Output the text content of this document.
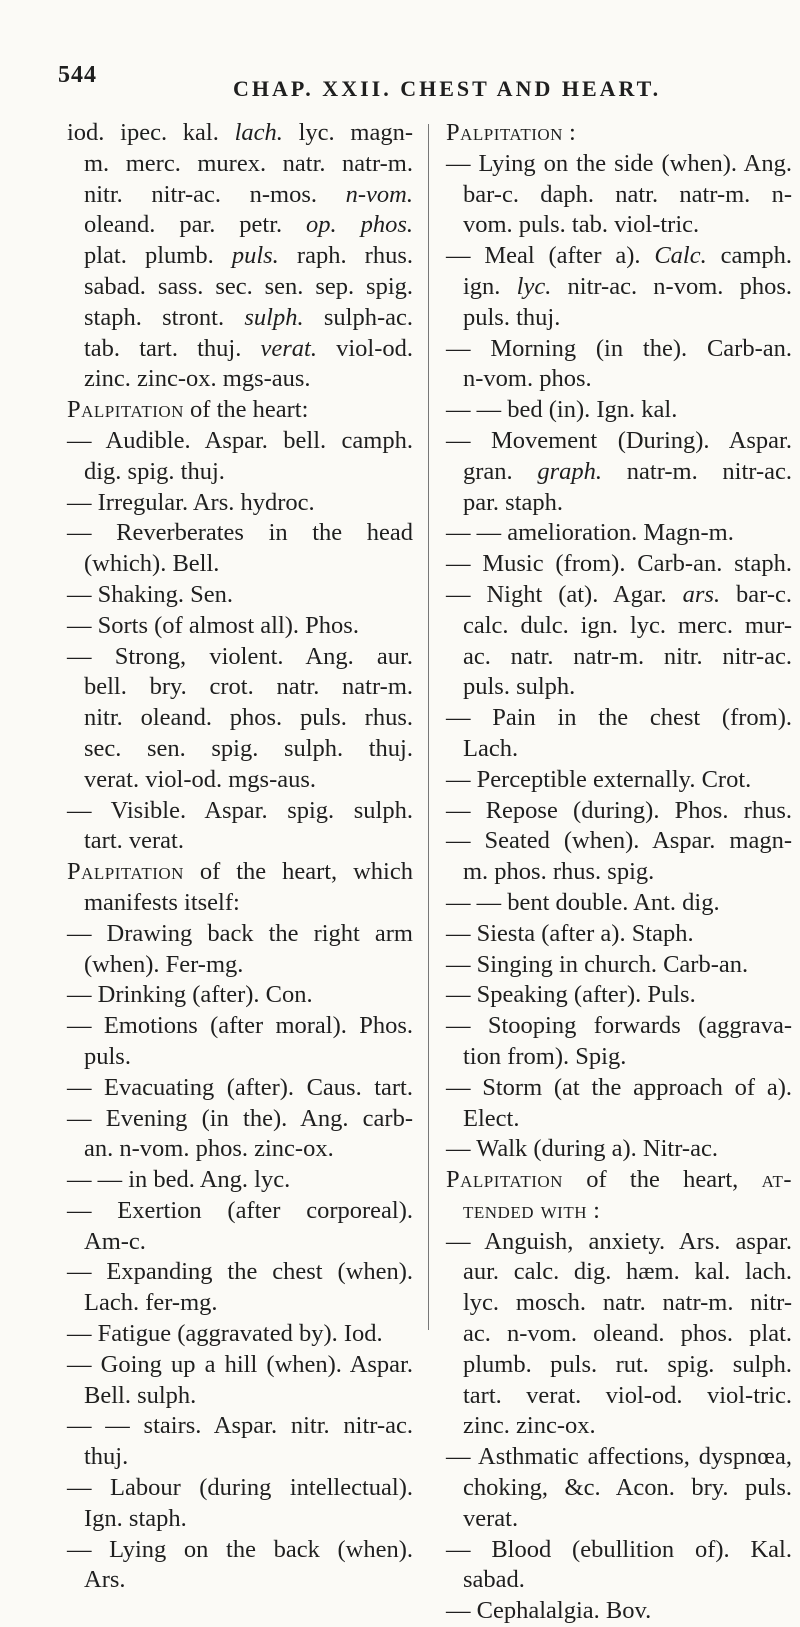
544
CHAP. XXII. CHEST AND HEART.
iod. ipec. kal. lach. lyc. magn-
m. merc. murex. natr. natr-m.
nitr. nitr-ac. n-mos. n-vom.
oleand. par. petr. op. phos.
plat. plumb. puls. raph. rhus.
sabad. sass. sec. sen. sep. spig.
staph. stront. sulph. sulph-ac.
tab. tart. thuj. verat. viol-od.
zinc. zinc-ox. mgs-aus.
Palpitation of the heart:
— Audible. Aspar. bell. camph.
dig. spig. thuj.
— Irregular. Ars. hydroc.
— Reverberates in the head
(which). Bell.
— Shaking. Sen.
— Sorts (of almost all). Phos.
— Strong, violent. Ang. aur.
bell. bry. crot. natr. natr-m.
nitr. oleand. phos. puls. rhus.
sec. sen. spig. sulph. thuj.
verat. viol-od. mgs-aus.
— Visible. Aspar. spig. sulph.
tart. verat.
Palpitation of the heart, which
manifests itself:
— Drawing back the right arm
(when). Fer-mg.
— Drinking (after). Con.
— Emotions (after moral). Phos.
puls.
— Evacuating (after). Caus. tart.
— Evening (in the). Ang. carb-
an. n-vom. phos. zinc-ox.
— — in bed. Ang. lyc.
— Exertion (after corporeal).
Am-c.
— Expanding the chest (when).
Lach. fer-mg.
— Fatigue (aggravated by). Iod.
— Going up a hill (when). Aspar.
Bell. sulph.
— — stairs. Aspar. nitr. nitr-ac.
thuj.
— Labour (during intellectual).
Ign. staph.
— Lying on the back (when).
Ars.
Palpitation :
— Lying on the side (when). Ang.
bar-c. daph. natr. natr-m. n-
vom. puls. tab. viol-tric.
— Meal (after a). Calc. camph.
ign. lyc. nitr-ac. n-vom. phos.
puls. thuj.
— Morning (in the). Carb-an.
n-vom. phos.
— — bed (in). Ign. kal.
— Movement (During). Aspar.
gran. graph. natr-m. nitr-ac.
par. staph.
— — amelioration. Magn-m.
— Music (from). Carb-an. staph.
— Night (at). Agar. ars. bar-c.
calc. dulc. ign. lyc. merc. mur-
ac. natr. natr-m. nitr. nitr-ac.
puls. sulph.
— Pain in the chest (from).
Lach.
— Perceptible externally. Crot.
— Repose (during). Phos. rhus.
— Seated (when). Aspar. magn-
m. phos. rhus. spig.
— — bent double. Ant. dig.
— Siesta (after a). Staph.
— Singing in church. Carb-an.
— Speaking (after). Puls.
— Stooping forwards (aggrava-
tion from). Spig.
— Storm (at the approach of a).
Elect.
— Walk (during a). Nitr-ac.
Palpitation of the heart, at-
tended with :
— Anguish, anxiety. Ars. aspar.
aur. calc. dig. hæm. kal. lach.
lyc. mosch. natr. natr-m. nitr-
ac. n-vom. oleand. phos. plat.
plumb. puls. rut. spig. sulph.
tart. verat. viol-od. viol-tric.
zinc. zinc-ox.
— Asthmatic affections, dyspnœa,
choking, &c. Acon. bry. puls.
verat.
— Blood (ebullition of). Kal.
sabad.
— Cephalalgia. Bov.
